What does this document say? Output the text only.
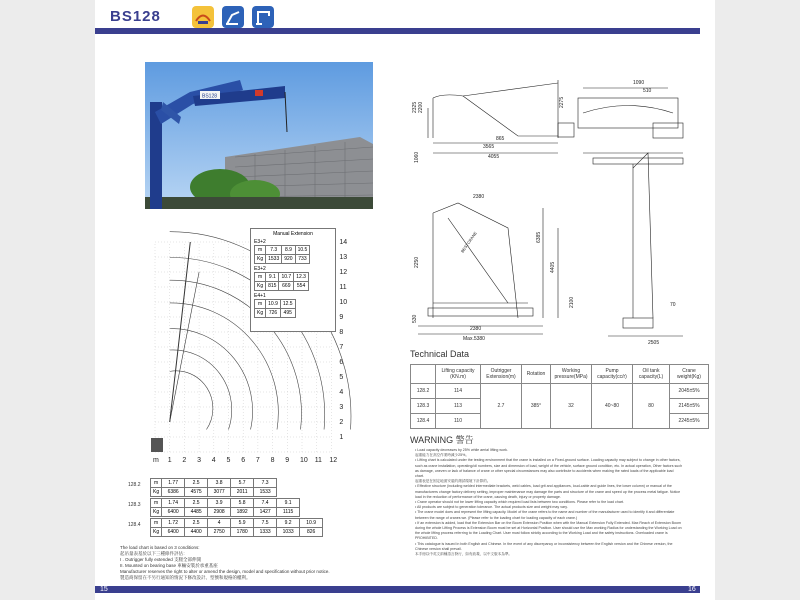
BS128
BS128
1
2
3
4
5
6
7
8
9
10
11
12
13
14
m 1 2 3 4 5 6 7 8 9 10 11 12
Manual Extension
E3+2
m	7.3	8.9	10.5
Kg	1533	920	733
E3+2
m	9.1	10.7	12.3
Kg	815	669	554
E4+1
m	10.9	12.5
Kg	726	495
128.2	m	1.77	2.5	3.8	5.7	7.3
Kg	6386	4575	3077	2011	1533
128.3	m	1.74	2.5	3.9	5.8	7.4	9.1
Kg	6400	4485	2908	1892	1427	1115
128.4	m	1.72	2.5	4	5.9	7.5	9.2	10.9
Kg	6400	4400	2750	1780	1333	1033	826
The load chart is based on 3 conditions:
起吊量表基於以下三種條件評估：
I . Outrigger fully extended 支腿全部伸開
II. Mounted on bearing base 車輛安裝於承重基座
Manufacturer reserves the right to alter or amend the design, model and specification without prior notice.
製造商保留在不另行通知的情況下修改設計、型號和規格的權利。
865
3565
4055
2325 2200	2275
1060
1090
510
BESTCRANE
2380
2250
6385
4405
2100
530
2380
Max.5380
70
2505
Technical Data
	Lifting capacity (KN.m)	Outrigger Extension(m)	Rotation	Working pressure(MPa)	Pump capacity(cc/r)	Oil tank capacity(L)	Crane weight(Kg)
128.2	114	2.7	385°	32	40~80	80	2045±5%
128.3	113						2145±5%
128.4	110						2245±5%
WARNING 警告
• Load capacity decreases by 25% while aerial lifting work.
起重能力在高空作業時減少25%。
• Lifting chart is calculated under the testing environment that the crane is installed on a Fixed-ground surface. Loading capacity may subject to change in other factors, such as crane installation, operating/oil numbers, size and dimension of load, weight of the vehicle, surface ground condition, etc. In actual operation, Other factors such as damage, uneven or lack of balance of crane or other special circumstances may also contribute to accidents when making the rated loads of the applicable load chart.
起重表是在固定地面安裝的測試環境下計算的。
• Effective structure (including welded intermediate brackets, weld cables, load grit and appliances, loud-cable and guide lines, the lower column) or manual of the manufacturers change factory delivery setting, improper maintenance may damage the parts and structure of the crane and speed up the process metal fatigue. Notice load in the reduction of performance of the crane, causing death, injury or property damage.
• Crane operator should not be lower lifting capacity which required load lists between two conditions. Please refer to the load chart.
• All products are subject to generation tolerance. The actual products size and weight may vary.
• The crane model does and represent the lifting capacity. Model of the crane refers to the name and number of the manufacturer used to identify it and differentiate between the range of cranes we. (Please refer to the loading chart for loading capacity of each crane.)
• If an extension is added, load that the Extension Bar on the Boom Extension Position when with the Manual Extension Fully Extended. Max Reach of Extension Boom during the whole Lifting Process is Extension Boom must be set at Horizontal Position. User should use the Max working Radius for understanding the Working Load on the whole lifting process referring to the Loading Chart. User must follow strictly according to the Working Load and the safety instructions. Overloaded crane is PROHIBITED.
• This catalogue is issued in both English and Chinese. In the event of any discrepancy or inconsistency between the English version and the Chinese version, the Chinese version shall prevail.
本手冊以中英文兩種語言發行，如有歧義，以中文版本為準。
15	16
